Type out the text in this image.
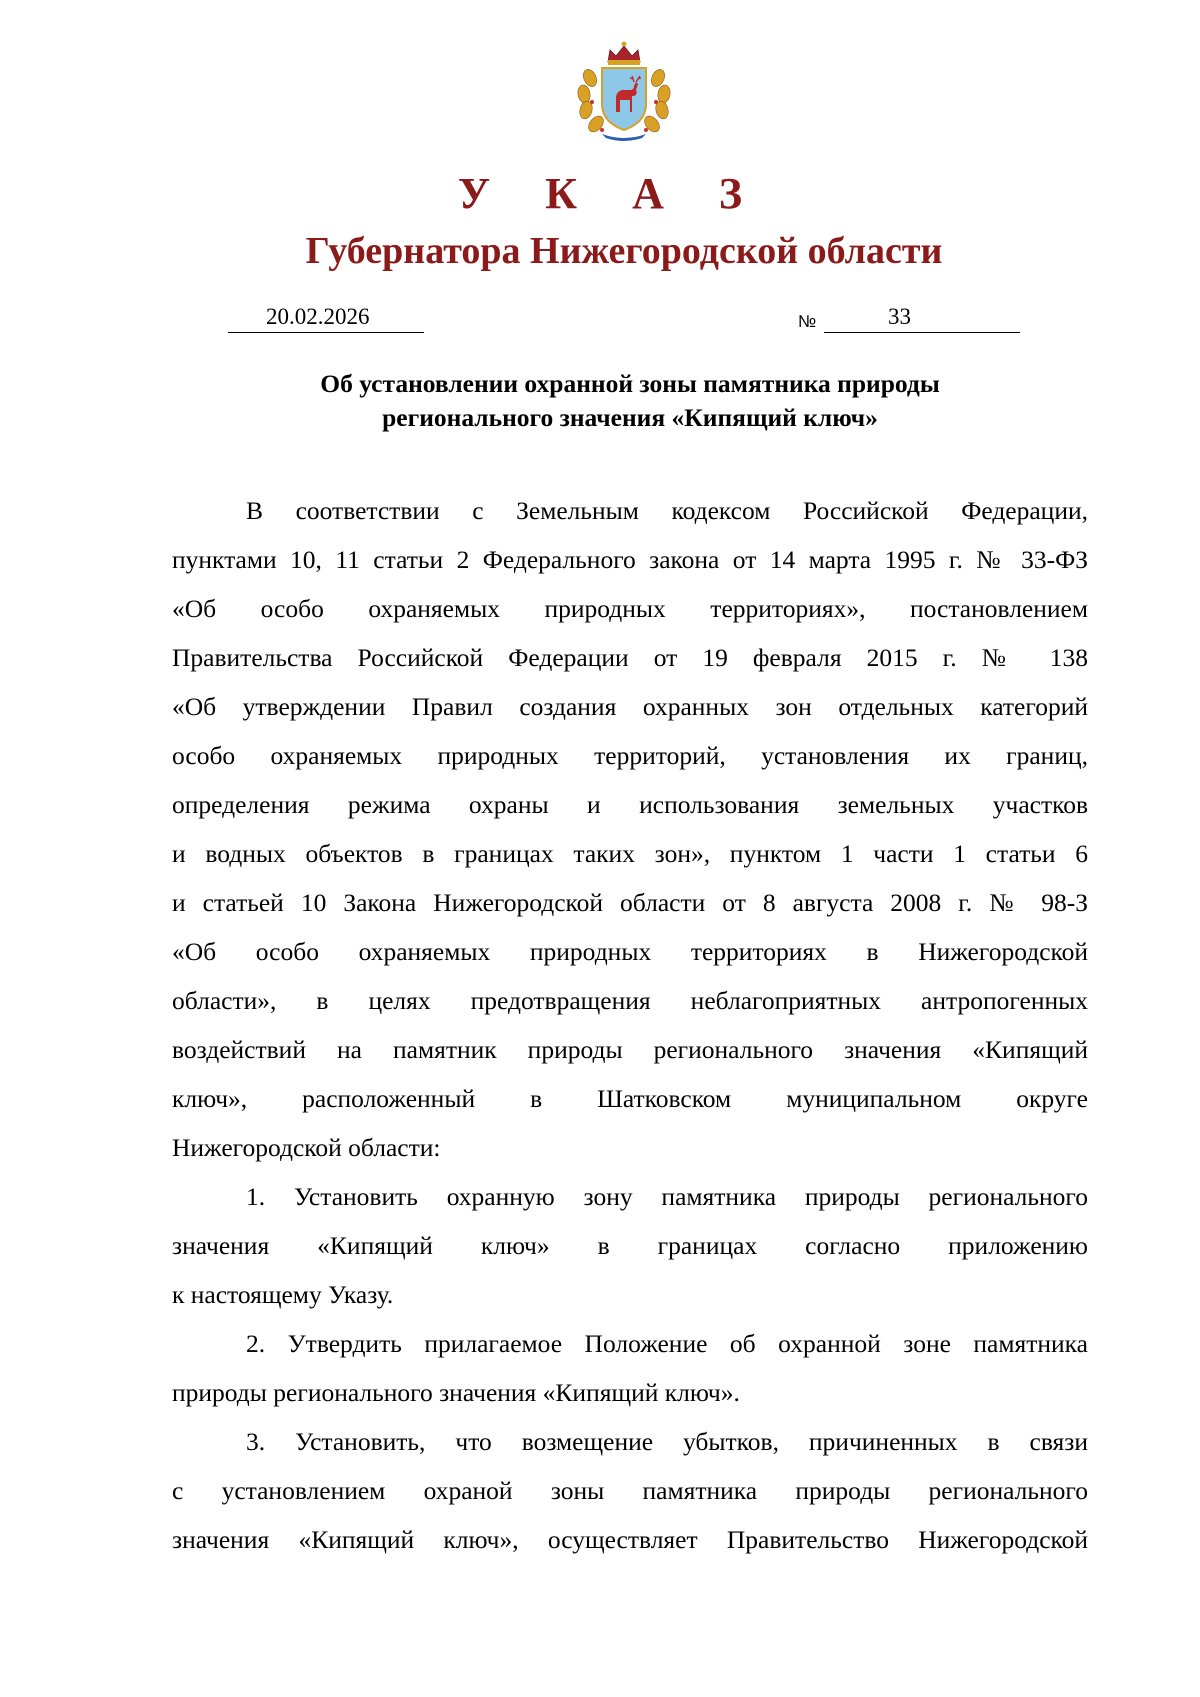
У К А З
Губернатора Нижегородской области
20.02.2026	№	33
Об установлении охранной зоны памятника природы
регионального значения «Кипящий ключ»
В соответствии с Земельным кодексом Российской Федерации,
пунктами 10, 11 статьи 2 Федерального закона от 14 марта 1995 г. № 33-ФЗ
«Об особо охраняемых природных территориях», постановлением
Правительства Российской Федерации от 19 февраля 2015 г. № 138
«Об утверждении Правил создания охранных зон отдельных категорий
особо охраняемых природных территорий, установления их границ,
определения режима охраны и использования земельных участков
и водных объектов в границах таких зон», пунктом 1 части 1 статьи 6
и статьей 10 Закона Нижегородской области от 8 августа 2008 г. № 98-З
«Об особо охраняемых природных территориях в Нижегородской
области», в целях предотвращения неблагоприятных антропогенных
воздействий на памятник природы регионального значения «Кипящий
ключ», расположенный в Шатковском муниципальном округе
Нижегородской области:
1. Установить охранную зону памятника природы регионального
значения «Кипящий ключ» в границах согласно приложению
к настоящему Указу.
2. Утвердить прилагаемое Положение об охранной зоне памятника
природы регионального значения «Кипящий ключ».
3. Установить, что возмещение убытков, причиненных в связи
с установлением охраной зоны памятника природы регионального
значения «Кипящий ключ», осуществляет Правительство Нижегородской
